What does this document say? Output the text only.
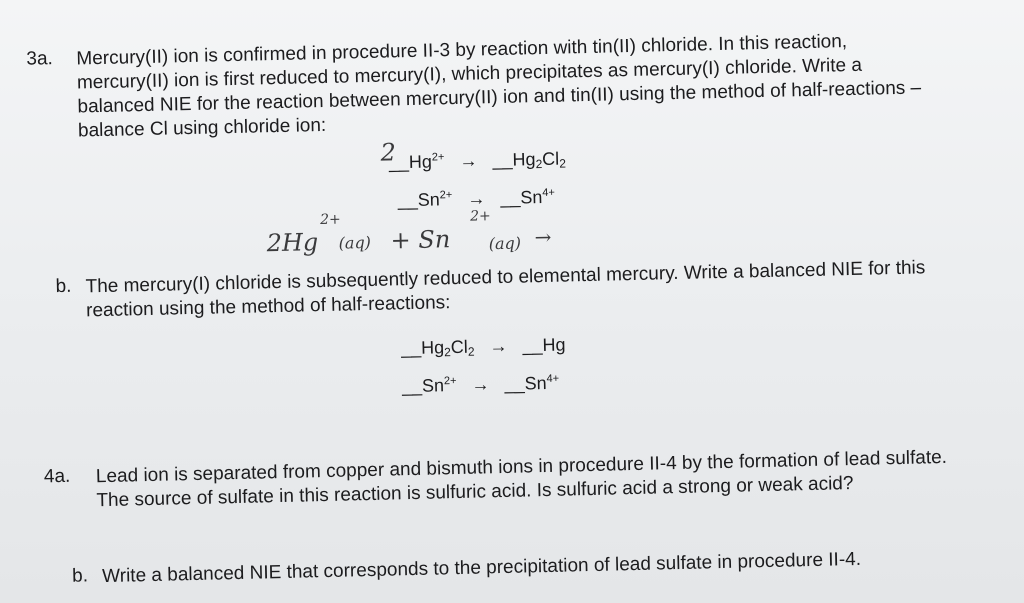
3a. Mercury(II) ion is confirmed in procedure II-3 by reaction with tin(II) chloride. In this reaction, mercury(II) ion is first reduced to mercury(I), which precipitates as mercury(I) chloride. Write a balanced NIE for the reaction between mercury(II) ion and tin(II) using the method of half-reactions – balance Cl using chloride ion:
$\_\_Hg^{2+}$ → $\_\_Hg_2Cl_2$
2
$\_\_Sn^{2+}$ → $\_\_Sn^{4+}$
2Hg
2+
(aq) + Sn
2+
(aq) →
b. The mercury(I) chloride is subsequently reduced to elemental mercury. Write a balanced NIE for this reaction using the method of half-reactions:
$\_\_Hg_2Cl_2$ → __Hg
$\_\_Sn^{2+}$ → $\_\_Sn^{4+}$
4a. Lead ion is separated from copper and bismuth ions in procedure II-4 by the formation of lead sulfate. The source of sulfate in this reaction is sulfuric acid. Is sulfuric acid a strong or weak acid?
b. Write a balanced NIE that corresponds to the precipitation of lead sulfate in procedure II-4.
